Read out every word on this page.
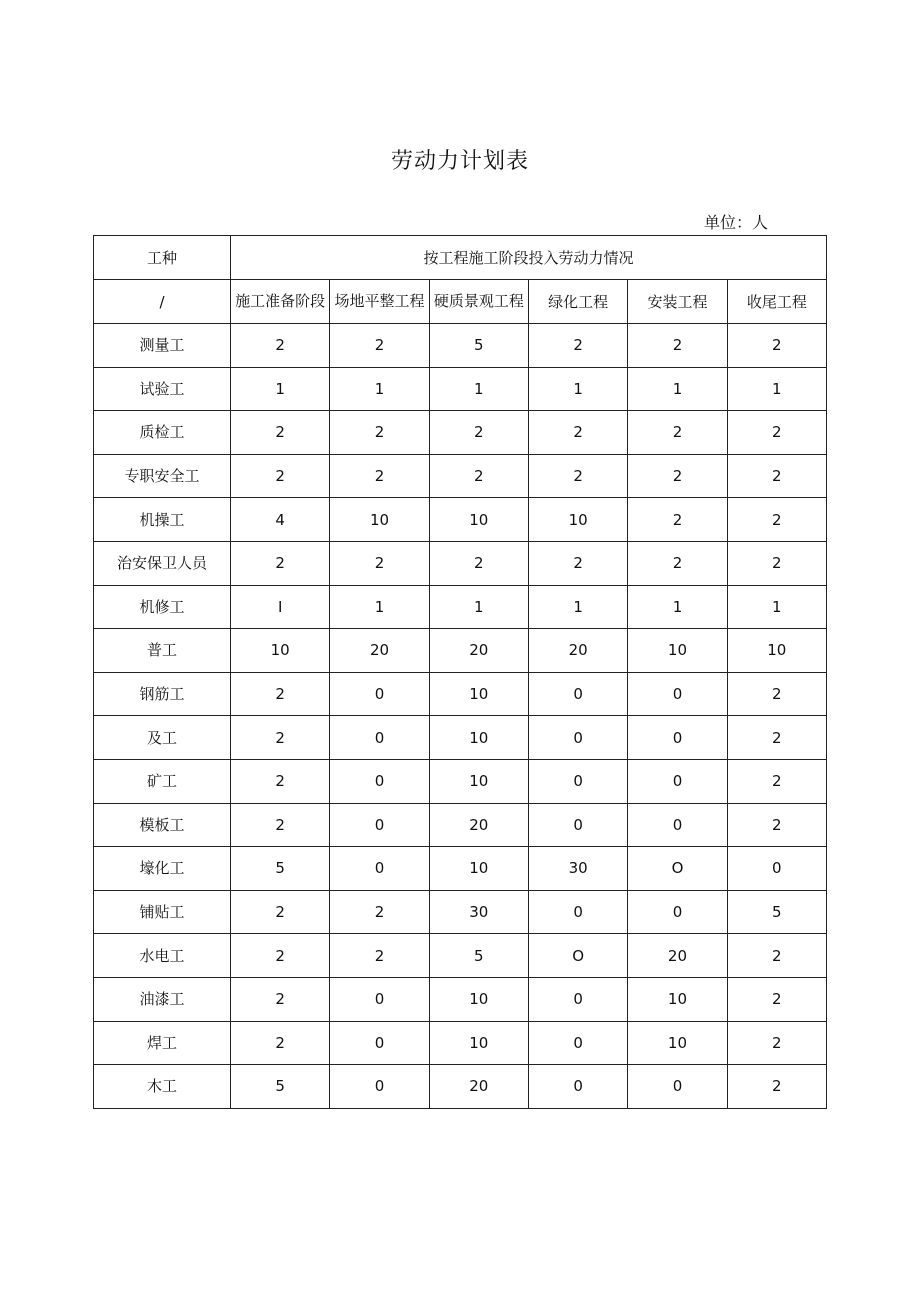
劳动力计划表
单位：人
工种	按工程施工阶段投入劳动力情况					
/	施工准备阶段	场地平整工程	硬质景观工程	绿化工程	安装工程	收尾工程
测量工	2	2	5	2	2	2
试验工	1	1	1	1	1	1
质检工	2	2	2	2	2	2
专职安全工	2	2	2	2	2	2
机操工	4	10	10	10	2	2
治安保卫人员	2	2	2	2	2	2
机修工	I	1	1	1	1	1
普工	10	20	20	20	10	10
钢筋工	2	0	10	0	0	2
及工	2	0	10	0	0	2
矿工	2	0	10	0	0	2
模板工	2	0	20	0	0	2
壕化工	5	0	10	30	O	0
铺贴工	2	2	30	0	0	5
水电工	2	2	5	O	20	2
油漆工	2	0	10	0	10	2
焊工	2	0	10	0	10	2
木工	5	0	20	0	0	2
